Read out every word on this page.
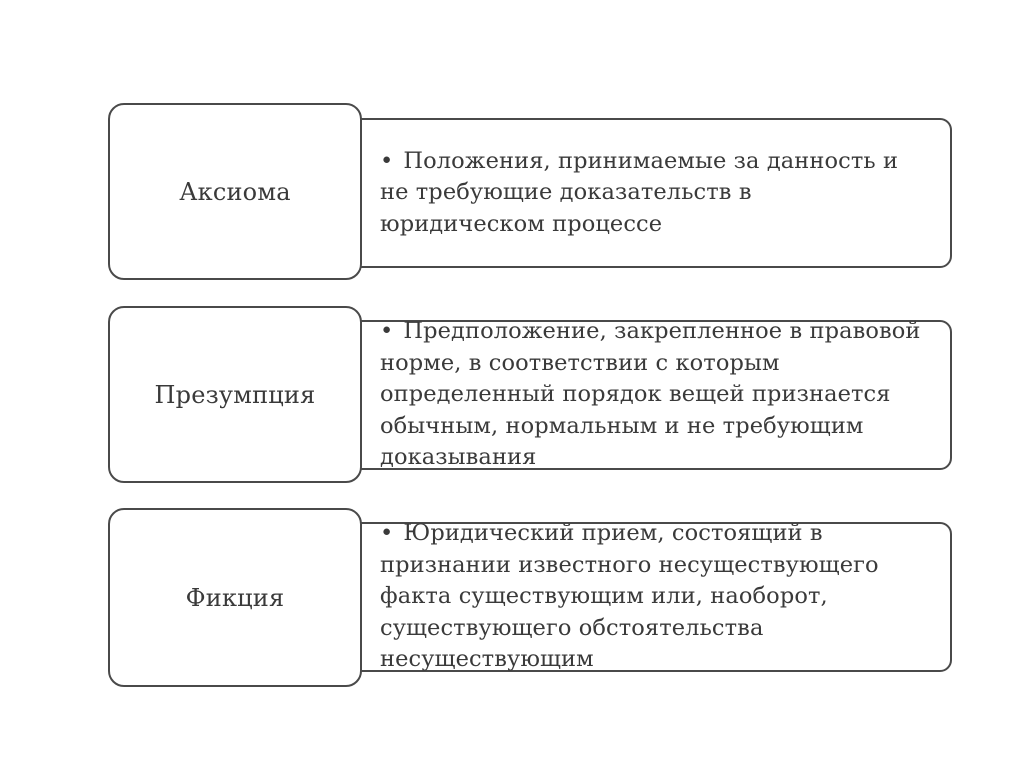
Аксиома
• Положения, принимаемые за данность и не требующие доказательств в юридическом процессе
Презумпция
• Предположение, закрепленное в правовой норме, в соответствии с которым определенный порядок вещей признается обычным, нормальным и не требующим доказывания
Фикция
• Юридический прием, состоящий в признании известного несуществующего факта существующим или, наоборот, существующего обстоятельства несуществующим
